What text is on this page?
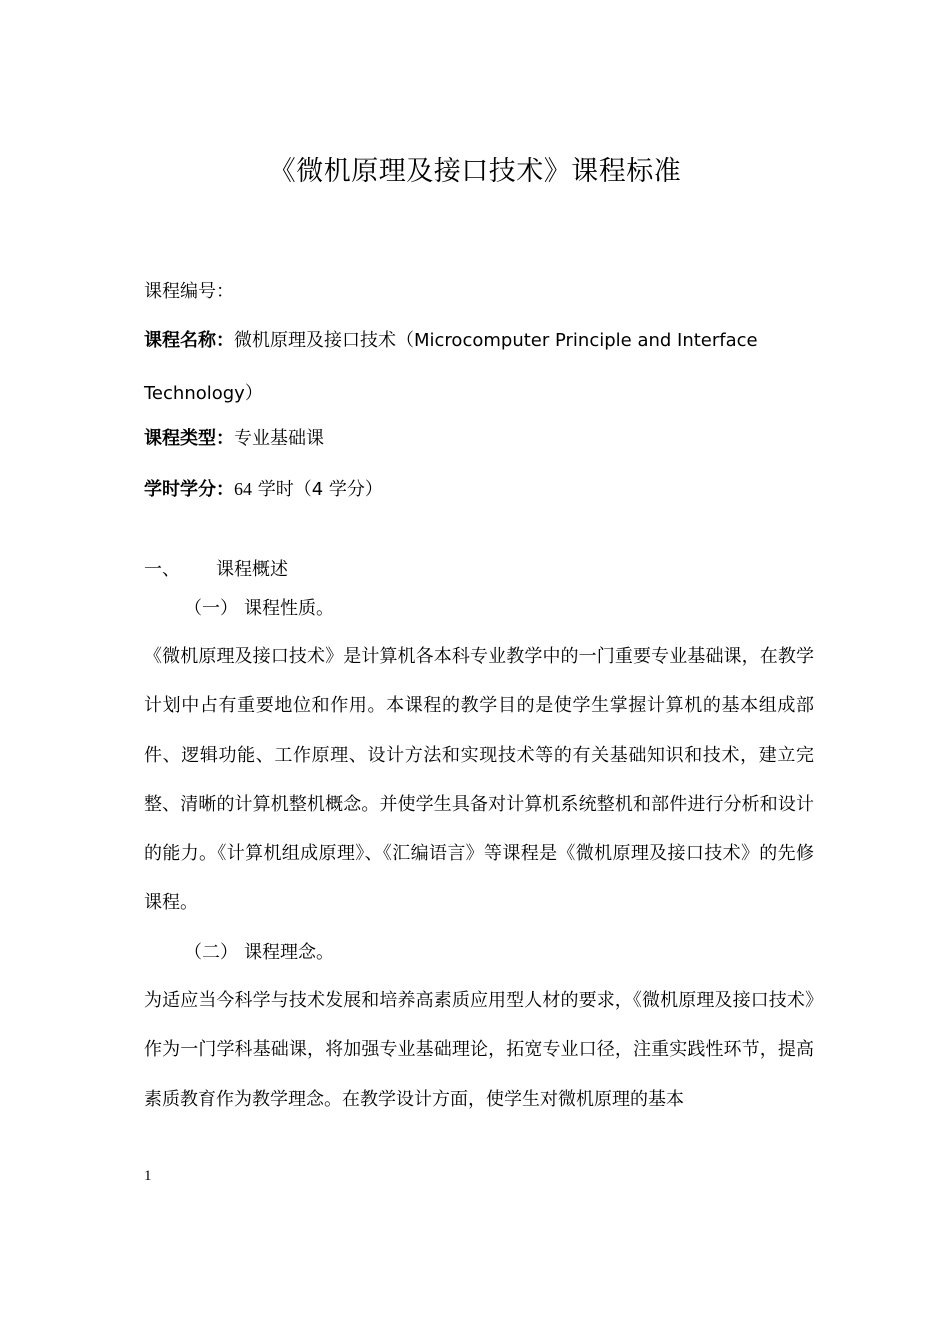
《微机原理及接口技术》课程标准
课程编号：
课程名称：微机原理及接口技术（Microcomputer Principle and Interface
Technology）
课程类型：专业基础课
学时学分：64 学时（4 学分）
一、 课程概述
（一） 课程性质。

《微机原理及接口技术》是计算机各本科专业教学中的一门重要专业基础课，在教学计划中占有重要地位和作用。本课程的教学目的是使学生掌握计算机的基本组成部件、逻辑功能、工作原理、设计方法和实现技术等的有关基础知识和技术，建立完整、清晰的计算机整机概念。并使学生具备对计算机系统整机和部件进行分析和设计的能力。《计算机组成原理》、《汇编语言》等课程是《微机原理及接口技术》的先修课程。

（二） 课程理念。

为适应当今科学与技术发展和培养高素质应用型人材的要求，《微机原理及接口技术》作为一门学科基础课，将加强专业基础理论，拓宽专业口径，注重实践性环节，提高素质教育作为教学理念。在教学设计方面，使学生对微机原理的基本

1
